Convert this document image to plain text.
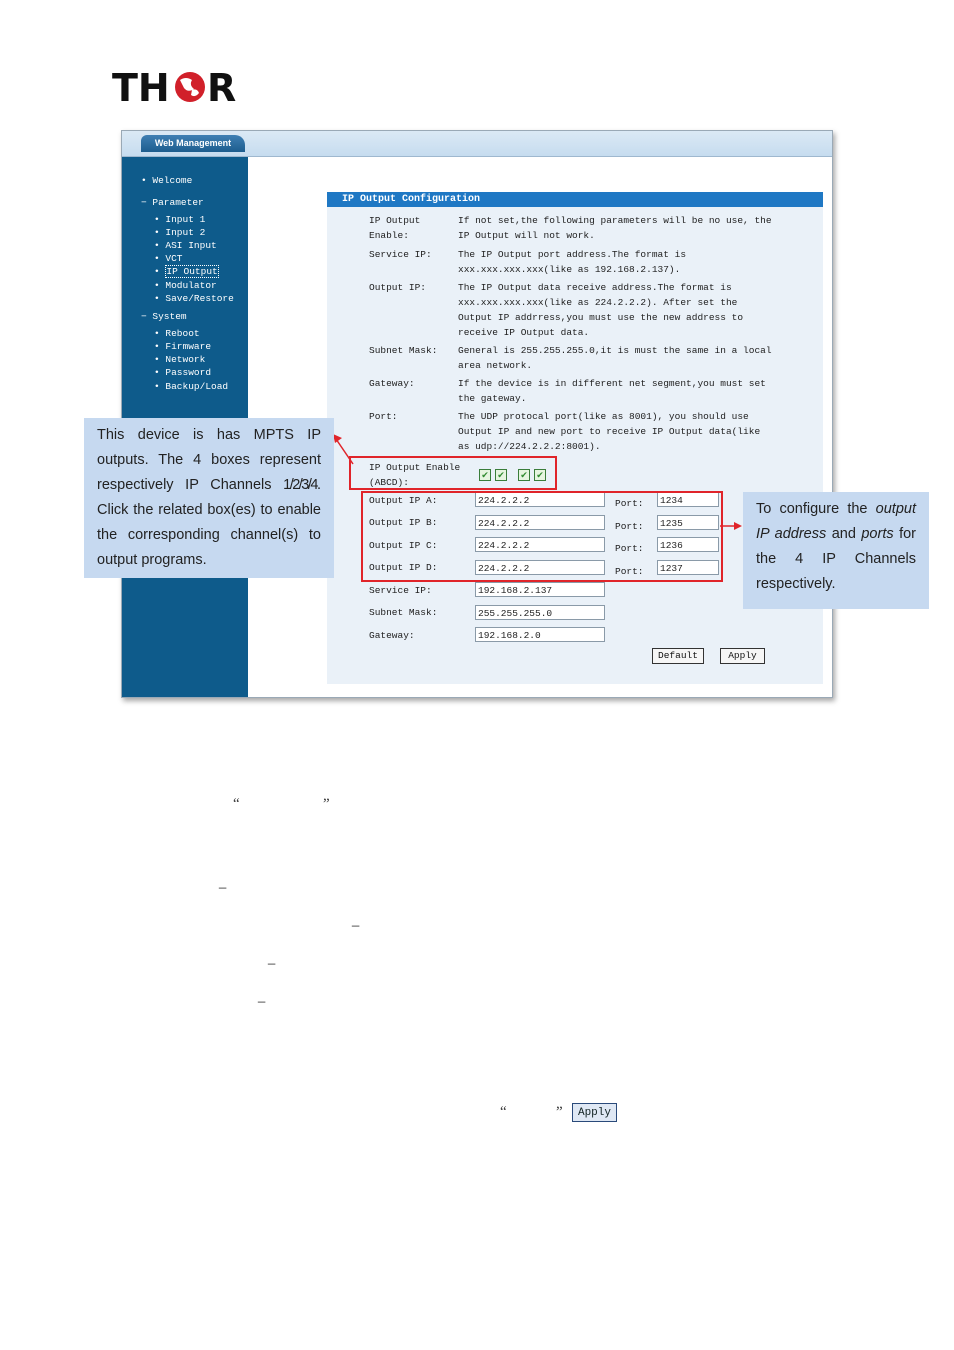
TH R
Web Management
• Welcome
− Parameter
• Input 1
• Input 2
• ASI Input
• VCT
• IP Output
• Modulator
• Save/Restore
− System
• Reboot
• Firmware
• Network
• Password
• Backup/Load
IP Output Configuration
IP Output
Enable:
If not set,the following parameters will be no use, the
IP Output will not work.
Service IP:	The IP Output port address.The format is
xxx.xxx.xxx.xxx(like as 192.168.2.137).
Output IP:	The IP Output data receive address.The format is
xxx.xxx.xxx.xxx(like as 224.2.2.2). After set the
Output IP addrress,you must use the new address to
receive IP Output data.
Subnet Mask: General is 255.255.255.0,it is must the same in a local
area network.
Gateway:	If the device is in different net segment,you must set
the gateway.
Port:	The UDP protocal port(like as 8001), you should use
Output IP and new port to receive IP Output data(like
as udp://224.2.2.2:8001).
IP Output Enable
(ABCD):
✔ ✔ ✔ ✔
Output IP A:	224.2.2.2	Port:	1234
Output IP B:	224.2.2.2	Port:	1235
Output IP C:	224.2.2.2	Port:	1236
Output IP D:	224.2.2.2	Port:	1237
Service IP:	192.168.2.137
Subnet Mask:	255.255.255.0
Gateway:	192.168.2.0
Default	Apply
This device is has MPTS IP outputs. The 4 boxes represent respectively IP Channels 1/2/3/4. Click the related box(es) to enable the corresponding channel(s) to output programs.
To configure the output IP address and ports for the 4 IP Channels respectively.
“	”
_
_
_
_
“	”	Apply
